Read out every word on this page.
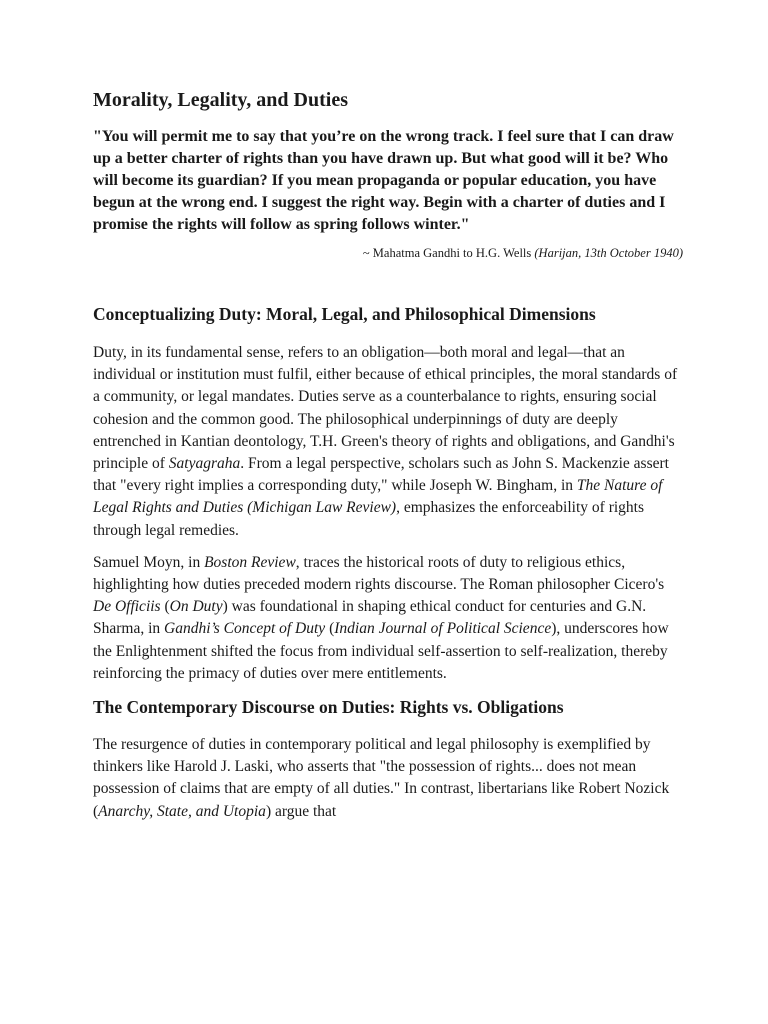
Morality, Legality, and Duties

"You will permit me to say that you’re on the wrong track. I feel sure that I can draw up a better charter of rights than you have drawn up. But what good will it be? Who will become its guardian? If you mean propaganda or popular education, you have begun at the wrong end. I suggest the right way. Begin with a charter of duties and I promise the rights will follow as spring follows winter."

~ Mahatma Gandhi to H.G. Wells (Harijan, 13th October 1940)

Conceptualizing Duty: Moral, Legal, and Philosophical Dimensions

Duty, in its fundamental sense, refers to an obligation—both moral and legal—that an individual or institution must fulfil, either because of ethical principles, the moral standards of a community, or legal mandates. Duties serve as a counterbalance to rights, ensuring social cohesion and the common good. The philosophical underpinnings of duty are deeply entrenched in Kantian deontology, T.H. Green's theory of rights and obligations, and Gandhi's principle of Satyagraha. From a legal perspective, scholars such as John S. Mackenzie assert that "every right implies a corresponding duty," while Joseph W. Bingham, in The Nature of Legal Rights and Duties (Michigan Law Review), emphasizes the enforceability of rights through legal remedies.

Samuel Moyn, in Boston Review, traces the historical roots of duty to religious ethics, highlighting how duties preceded modern rights discourse. The Roman philosopher Cicero's De Officiis (On Duty) was foundational in shaping ethical conduct for centuries and G.N. Sharma, in Gandhi’s Concept of Duty (Indian Journal of Political Science), underscores how the Enlightenment shifted the focus from individual self-assertion to self-realization, thereby reinforcing the primacy of duties over mere entitlements.

The Contemporary Discourse on Duties: Rights vs. Obligations

The resurgence of duties in contemporary political and legal philosophy is exemplified by thinkers like Harold J. Laski, who asserts that "the possession of rights... does not mean possession of claims that are empty of all duties." In contrast, libertarians like Robert Nozick (Anarchy, State, and Utopia) argue that
